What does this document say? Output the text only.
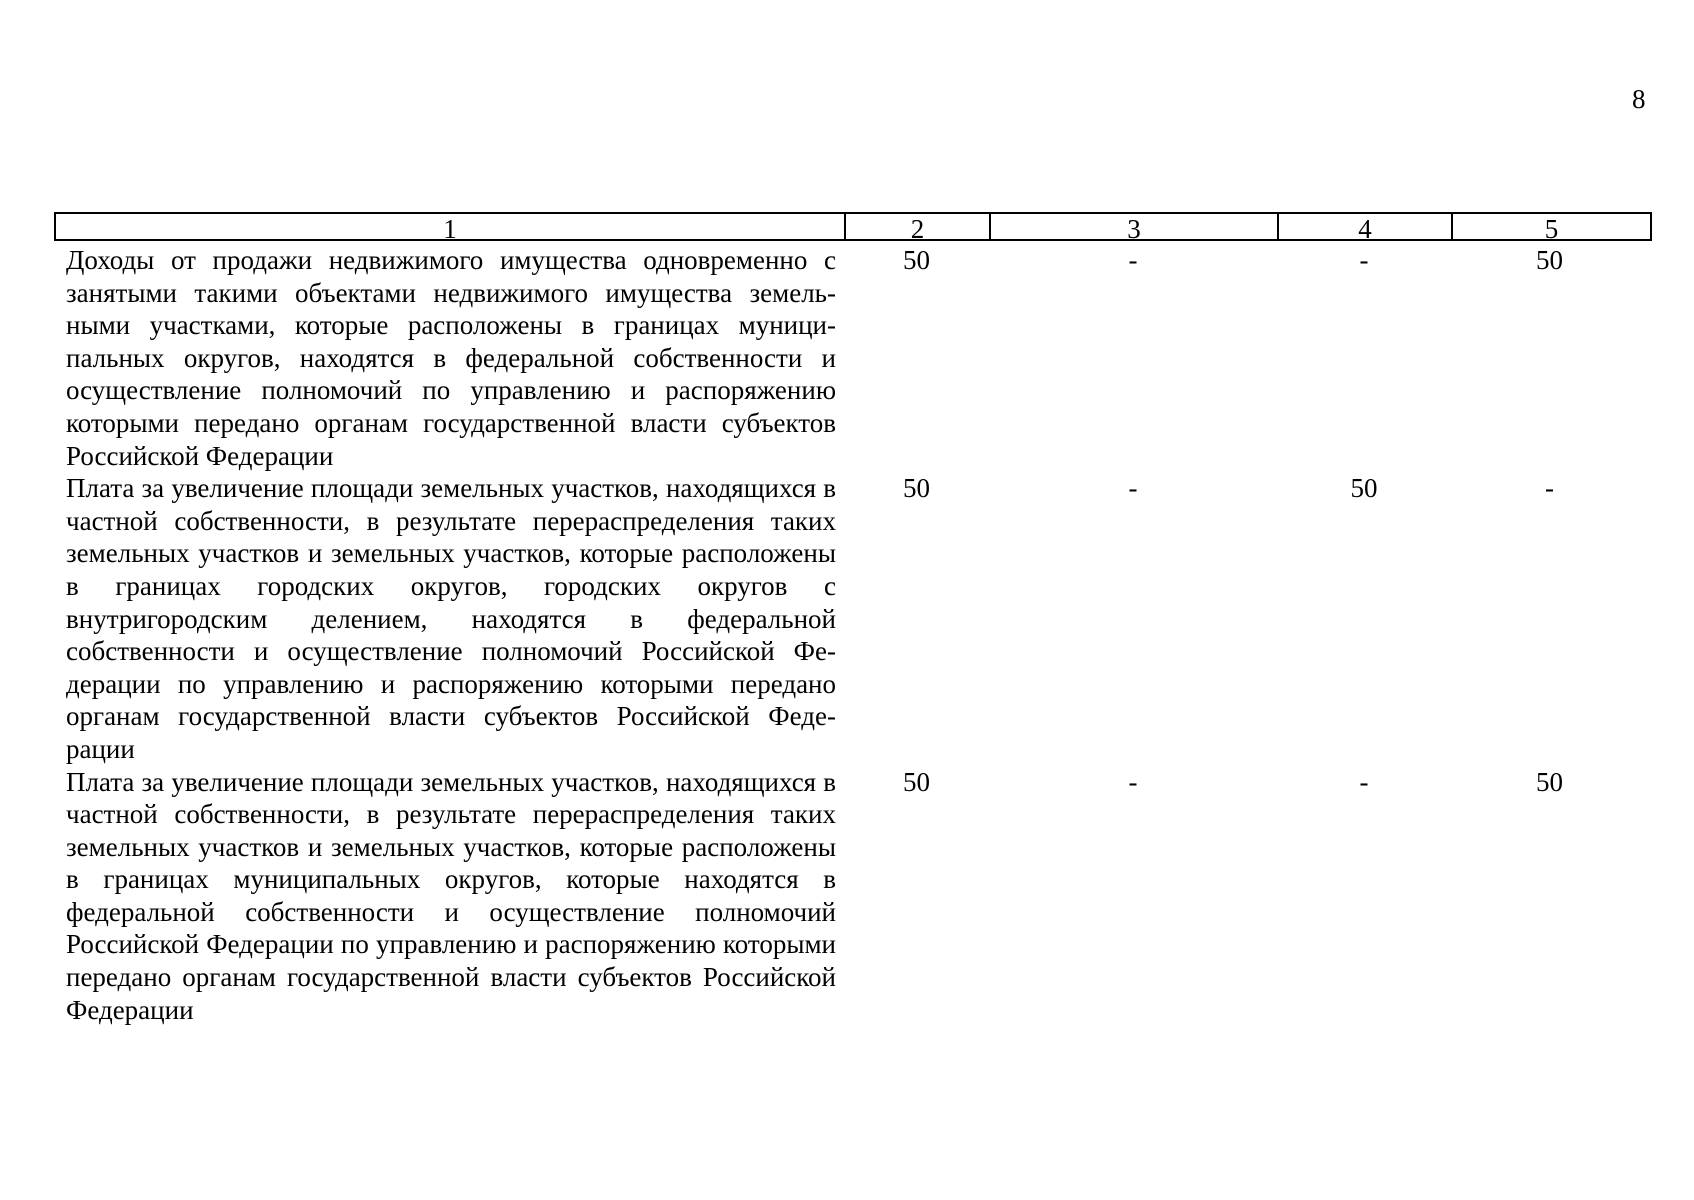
8
1	2	3	4	5
Доходы от продажи недвижимого имущества одновременно с занятыми такими объектами недвижимого имущества земельными участками, которые расположены в границах муниципальных округов, находятся в федеральной собственности и осуществление полномочий по управлению и распоряжению которыми передано органам государственной власти субъектов Российской Федерации
50	-	-	50
Плата за увеличение площади земельных участков, находящихся в частной собственности, в результате перераспределения таких земельных участков и земельных участков, которые расположены в границах городских округов, городских округов с внутригородским делением, находятся в федеральной собственности и осуществление полномочий Российской Федерации по управлению и распоряжению которыми передано органам государственной власти субъектов Российской Федерации
50	-	50	-
Плата за увеличение площади земельных участков, находящихся в частной собственности, в результате перераспределения таких земельных участков и земельных участков, которые расположены в границах муниципальных округов, которые находятся в федеральной собственности и осуществление полномочий Российской Федерации по управлению и распоряжению которыми передано органам государственной власти субъектов Российской Федерации
50	-	-	50
